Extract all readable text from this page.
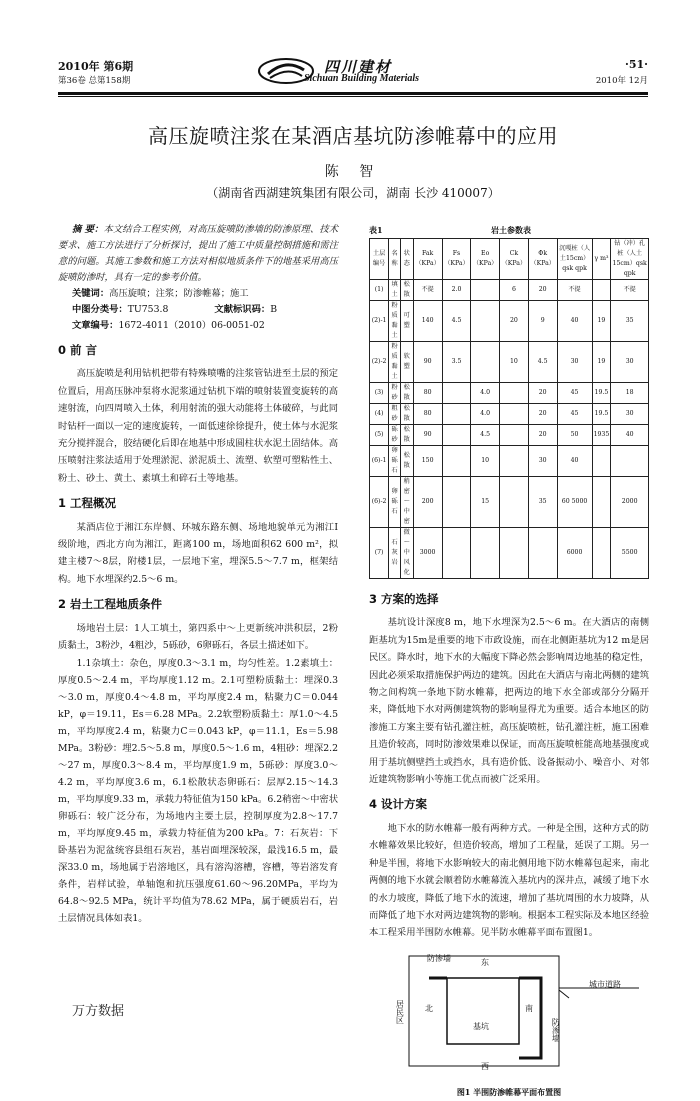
2010年 第6期
第36卷 总第158期
四川建材
Sichuan Building Materials
·51·
2010年 12月
高压旋喷注浆在某酒店基坑防渗帷幕中的应用
陈 智
（湖南省西湖建筑集团有限公司，湖南 长沙 410007）
摘 要：本文结合工程实例，对高压旋喷防渗墙的防渗原理、技术要求、施工方法进行了分析探讨，提出了施工中质量控制措施和需注意的问题。其施工参数和施工方法对相似地质条件下的地基采用高压旋喷防渗时，具有一定的参考价值。
关键词：高压旋喷；注浆；防渗帷幕；施工
中图分类号：TU753.8	文献标识码：B
文章编号：1672-4011（2010）06-0051-02
0 前 言

高压旋喷是利用钻机把带有特殊喷嘴的注浆管钻进至土层的预定位置后，用高压脉冲泵将水泥浆通过钻机下端的喷射装置变旋转的高速射流，向四周喷入土体，利用射流的强大动能将土体破碎，与此同时钻杆一面以一定的速度旋转，一面低速徐徐提升，使土体与水泥浆充分搅拌混合，胶结硬化后即在地基中形成圆柱状水泥土固结体。高压喷射注浆法适用于处理淤泥、淤泥质土、流塑、软塑可塑粘性土、粉土、砂土、黄土、素填土和碎石土等地基。

1 工程概况

某酒店位于湘江东岸侧、环城东路东侧、场地地貌单元为湘江Ⅰ级阶地，西北方向为湘江，距离100 m，场地面积62 600 m²，拟建主楼7～8层，附楼1层，一层地下室，埋深5.5～7.7 m，框架结构。地下水埋深约2.5～6 m。

2 岩土工程地质条件

场地岩土层：1人工填土，第四系中～上更新统冲洪积层，2粉质黏土，3粉沙，4粗沙，5砾砂，6卵砾石，各层土描述如下。

1.1杂填土：杂色，厚度0.3～3.1 m，均匀性差。1.2素填土：厚度0.5～2.4 m，平均厚度1.12 m。2.1可塑粉质黏土：埋深0.3～3.0 m，厚度0.4～4.8 m，平均厚度2.4 m，粘聚力C＝0.044 kP，φ＝19.11，Es＝6.28 MPa。2.2软塑粉质黏土：厚1.0～4.5 m，平均厚度2.4 m，粘聚力C＝0.043 kP，φ＝11.1，Es＝5.98 MPa。3粉砂：埋2.5～5.8 m，厚度0.5～1.6 m，4粗砂：埋深2.2～27 m，厚度0.3～8.4 m，平均厚度1.9 m，5砾砂：厚度3.0～4.2 m，平均厚度3.6 m，6.1松散状态卵砾石：层厚2.15～14.3 m，平均厚度9.33 m，承载力特征值为150 kPa。6.2稍密～中密状卵砾石：较广泛分布，为场地内主要土层，控制厚度为2.8～17.7 m，平均厚度9.45 m，承载力特征值为200 kPa。7：石灰岩：下卧基岩为泥盆统容县组石灰岩，基岩面埋深较深，最浅16.5 m，最深33.0 m，场地属于岩溶地区，具有溶沟溶槽，容槽，等岩溶发育条件，岩样试验，单轴饱和抗压强度61.60～96.20MPa，平均为64.8～92.5 MPa，统计平均值为78.62 MPa，属于硬质岩石，岩土层情况具体如表1。

表1	岩土参数表
土层编号	名称	状态	Fak（KPa）	Fs（KPa）	Eo（KPa）	Ck（KPa）	Φk（KPa）	沉嘎桩（人土15cm）qsk qpk	γ m³	钻（冲）孔桩（人土15cm）qsk qpk
(1)	填土	松散	不提	2.0		6	20	不提		不提
(2)-1	粉质黏土	可塑	140	4.5		20	9	40	19	35
(2)-2	粉质黏土	软塑	90	3.5		10	4.5	30	19	30
(3)	粉砂	松散	80		4.0		20	45	19.5	18
(4)	粗砂	松散	80		4.0		20	45	19.5	30
(5)	砾砂	松散	90		4.5		20	50	1935	40
(6)-1	卵砾石	松散	150		10		30	40		
(6)-2	卵砾石	稍密～中密	200		15		35	60 5000		2000
(7)	石灰岩	微～中风化	3000					6000		5500
3 方案的选择

基坑设计深度8 m，地下水埋深为2.5～6 m。在大酒店的南侧距基坑为15m是重要的地下市政设施，而在北侧距基坑为12 m是居民区。降水时，地下水的大幅度下降必然会影响周边地基的稳定性，因此必须采取措施保护两边的建筑。因此在大酒店与南北两侧的建筑物之间构筑一条地下防水帷幕，把两边的地下水全部或部分分隔开来，降低地下水对两侧建筑物的影响显得尤为重要。适合本地区的防渗施工方案主要有钻孔灌注桩，高压旋喷桩，钻孔灌注桩，施工困难且造价较高，同时防渗效果难以保证，而高压旋喷桩能高地基强度或用于基坑侧壁挡土或挡水，具有造价低、设备振动小、噪音小、对邻近建筑物影响小等施工优点而被广泛采用。

4 设计方案

地下水的防水帷幕一般有两种方式。一种是全围，这种方式的防水帷幕效果比较好，但造价较高，增加了工程量，延误了工期。另一种是半围，将地下水影响较大的南北侧用地下防水帷幕包起来，南北两侧的地下水就会顺着防水帷幕流入基坑内的深井点，减缓了地下水的水力坡度，降低了地下水的流速，增加了基坑周围的水力坡降，从而降低了地下水对两边建筑物的影响。根据本工程实际及本地区经验本工程采用半围防水帷幕。见半防水帷幕平面布置图1。

防渗墙	东
北	南
西
居民区
基坑	防渗墙
城市道路
图1 半围防渗帷幕平面布置图
万方数据
